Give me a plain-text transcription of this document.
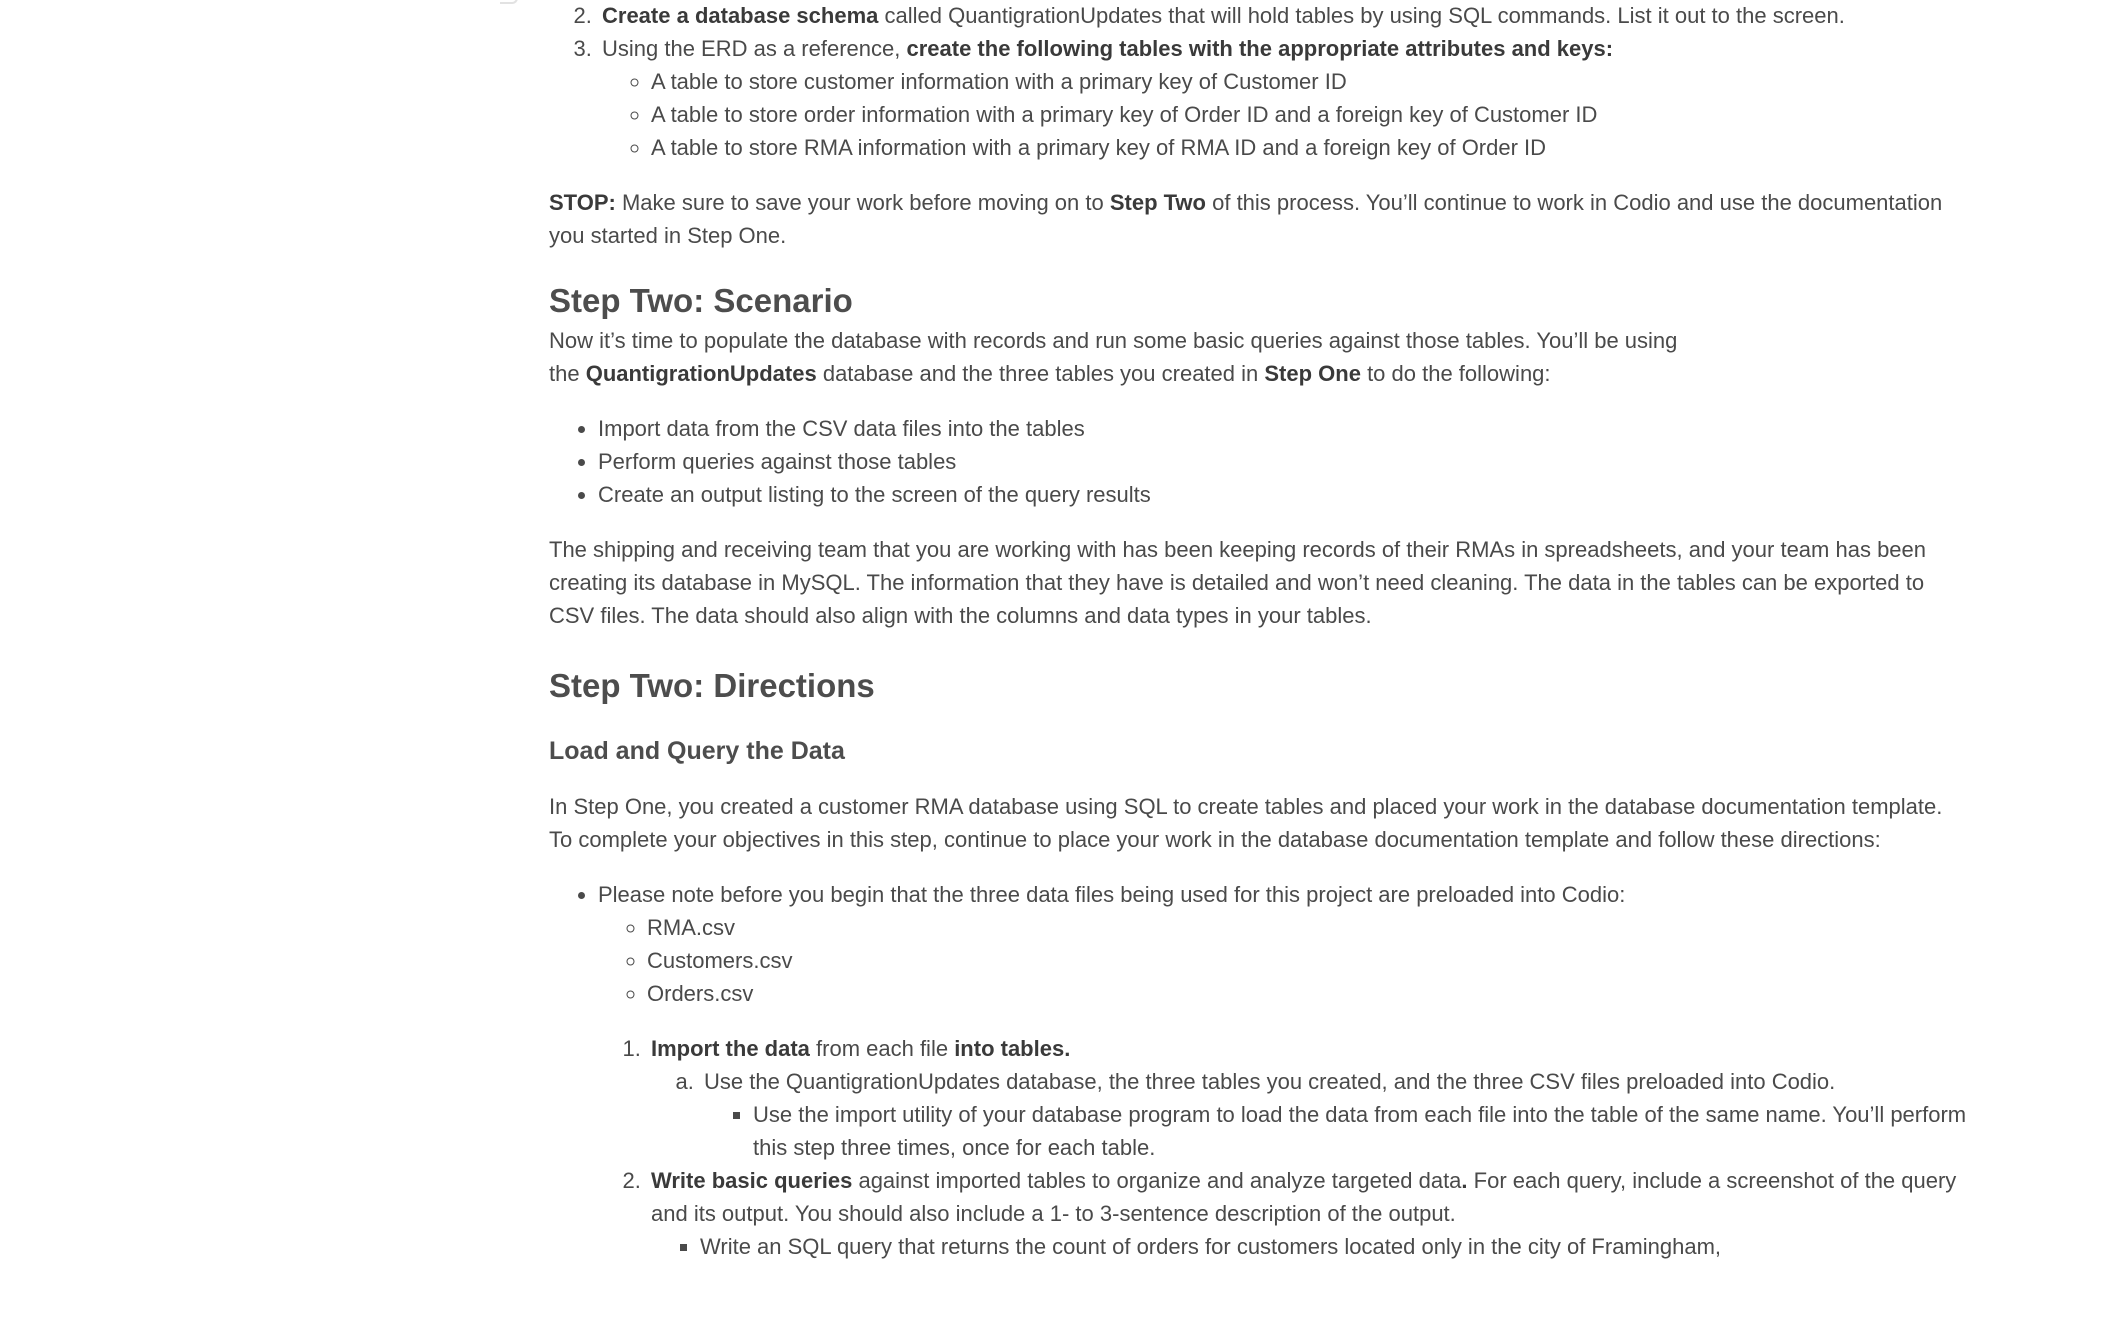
2. Create a database schema called QuantigrationUpdates that will hold tables by using SQL commands. List it out to the screen.
3. Using the ERD as a reference, create the following tables with the appropriate attributes and keys:
◦ A table to store customer information with a primary key of Customer ID
◦ A table to store order information with a primary key of Order ID and a foreign key of Customer ID
◦ A table to store RMA information with a primary key of RMA ID and a foreign key of Order ID

STOP: Make sure to save your work before moving on to Step Two of this process. You’ll continue to work in Codio and use the documentation you started in Step One.

Step Two: Scenario

Now it’s time to populate the database with records and run some basic queries against those tables. You’ll be using
the QuantigrationUpdates database and the three tables you created in Step One to do the following:

• Import data from the CSV data files into the tables
• Perform queries against those tables
• Create an output listing to the screen of the query results

The shipping and receiving team that you are working with has been keeping records of their RMAs in spreadsheets, and your team has been creating its database in MySQL. The information that they have is detailed and won’t need cleaning. The data in the tables can be exported to CSV files. The data should also align with the columns and data types in your tables.

Step Two: Directions
Load and Query the Data

In Step One, you created a customer RMA database using SQL to create tables and placed your work in the database documentation template. To complete your objectives in this step, continue to place your work in the database documentation template and follow these directions:

• Please note before you begin that the three data files being used for this project are preloaded into Codio:
◦ RMA.csv
◦ Customers.csv
◦ Orders.csv
1. Import the data from each file into tables.
a. Use the QuantigrationUpdates database, the three tables you created, and the three CSV files preloaded into Codio.
▪ Use the import utility of your database program to load the data from each file into the table of the same name. You’ll perform this step three times, once for each table.
2. Write basic queries against imported tables to organize and analyze targeted data. For each query, include a screenshot of the query and its output. You should also include a 1- to 3-sentence description of the output.
▪ Write an SQL query that returns the count of orders for customers located only in the city of Framingham,
